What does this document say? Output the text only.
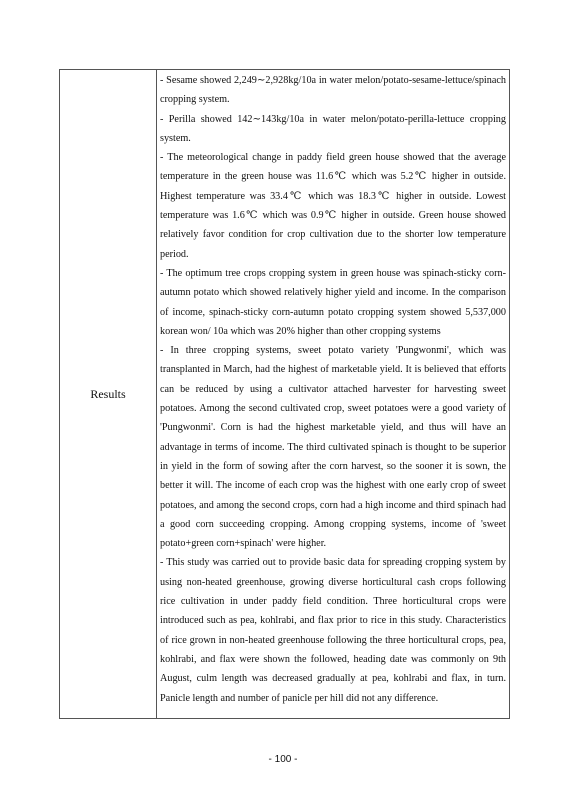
Results

- Sesame showed 2,249∼2,928kg/10a in water melon/potato-sesame-lettuce/spinach cropping system.

- Perilla showed 142∼143kg/10a in water melon/potato-perilla-lettuce cropping system.

- The meteorological change in paddy field green house showed that the average temperature in the green house was 11.6℃ which was 5.2℃ higher in outside. Highest temperature was 33.4℃ which was 18.3℃ higher in outside. Lowest temperature was 1.6℃ which was 0.9℃ higher in outside. Green house showed relatively favor condition for crop cultivation due to the shorter low temperature period.

- The optimum tree crops cropping system in green house was spinach-sticky corn-autumn potato which showed relatively higher yield and income. In the comparison of income, spinach-sticky corn-autumn potato cropping system showed 5,537,000 korean won/ 10a which was 20% higher than other cropping systems

- In three cropping systems, sweet potato variety 'Pungwonmi', which was transplanted in March, had the highest of marketable yield. It is believed that efforts can be reduced by using a cultivator attached harvester for harvesting sweet potatoes. Among the second cultivated crop, sweet potatoes were a good variety of 'Pungwonmi'. Corn is had the highest marketable yield, and thus will have an advantage in terms of income. The third cultivated spinach is thought to be superior in yield in the form of sowing after the corn harvest, so the sooner it is sown, the better it will. The income of each crop was the highest with one early crop of sweet potatoes, and among the second crops, corn had a high income and third spinach had a good corn succeeding cropping. Among cropping systems, income of 'sweet potato+green corn+spinach' were higher.

- This study was carried out to provide basic data for spreading cropping system by using non-heated greenhouse, growing diverse horticultural cash crops following rice cultivation in under paddy field condition. Three horticultural crops were introduced such as pea, kohlrabi, and flax prior to rice in this study. Characteristics of rice grown in non-heated greenhouse following the three horticultural crops, pea, kohlrabi, and flax were shown the followed, heading date was commonly on 9th August, culm length was decreased gradually at pea, kohlrabi and flax, in turn. Panicle length and number of panicle per hill did not any difference.

- 100 -
